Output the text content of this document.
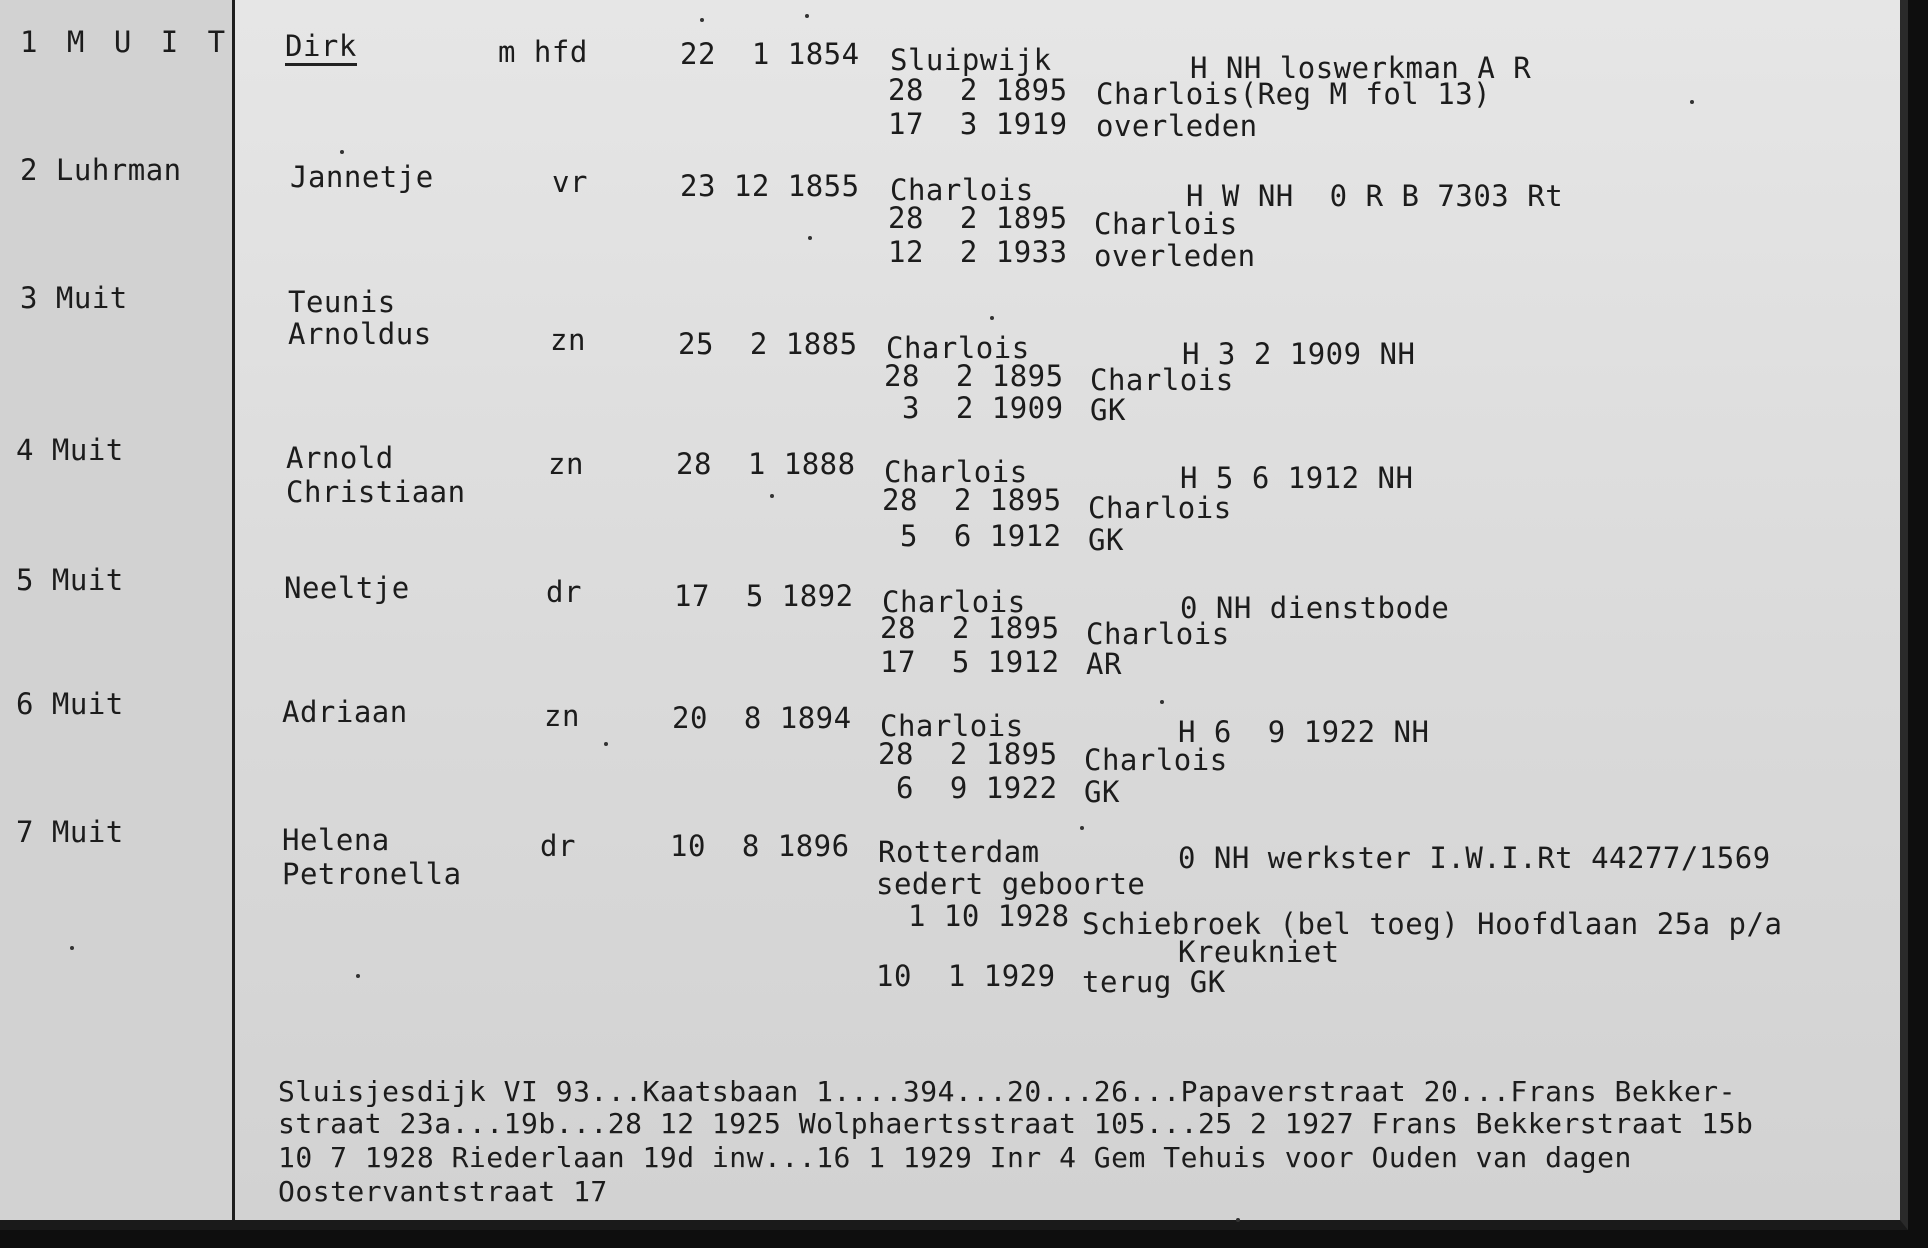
1 M U I T Dirk	m hfd	22  1 1854 Sluipwijk	H NH loswerkman A R
28  2 1895 Charlois(Reg M fol 13)
17  3 1919 overleden
2 Luhrman	Jannetje	vr	23 12 1855 Charlois	H W NH  0 R B 7303 Rt
28  2 1895 Charlois
12  2 1933 overleden
3 Muit	Teunis
Arnoldus	zn	25  2 1885 Charlois	H 3 2 1909 NH
28  2 1895 Charlois
3  2 1909 GK
4 Muit	Arnold
Christiaan
zn	28  1 1888 Charlois	H 5 6 1912 NH
28  2 1895 Charlois
5  6 1912 GK
5 Muit	Neeltje	dr	17  5 1892 Charlois	0 NH dienstbode
28  2 1895 Charlois
17  5 1912 AR
6 Muit	Adriaan	zn	20  8 1894 Charlois	H 6  9 1922 NH
28  2 1895 Charlois
6  9 1922 GK
7 Muit	Helena
Petronella
dr	10  8 1896 Rotterdam	0 NH werkster I.W.I.Rt 44277/1569
sedert geboorte
1 10 1928 Schiebroek (bel toeg) Hoofdlaan 25a p/a
Kreukniet
10  1 1929 terug GK
Sluisjesdijk VI 93...Kaatsbaan 1....394...20...26...Papaverstraat 20...Frans Bekker-
straat 23a...19b...28 12 1925 Wolphaertsstraat 105...25 2 1927 Frans Bekkerstraat 15b
10 7 1928 Riederlaan 19d inw...16 1 1929 Inr 4 Gem Tehuis voor Ouden van dagen
Oostervantstraat 17
